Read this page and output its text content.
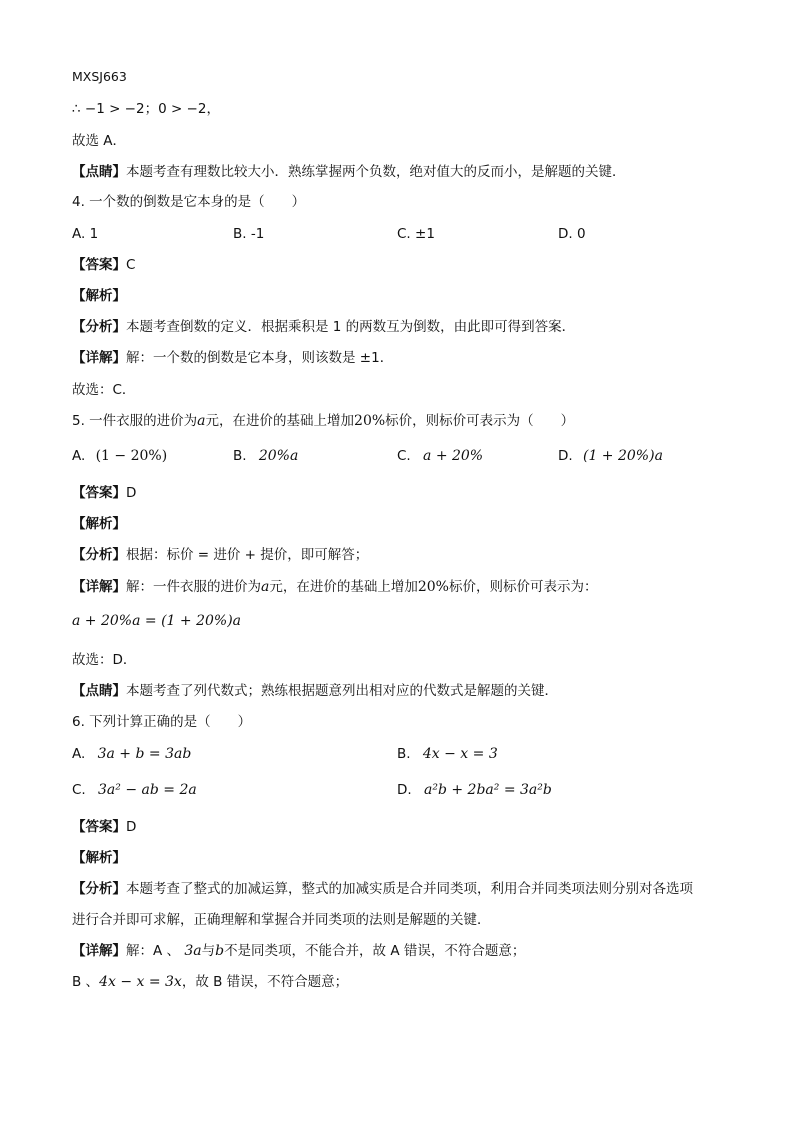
MXSJ663
∴ −1 > −2；0 > −2，
故选 A．
【点睛】本题考查有理数比较大小．熟练掌握两个负数，绝对值大的反而小，是解题的关键．
4. 一个数的倒数是它本身的是（　　）
A. 1	B. -1	C. ±1	D. 0
【答案】C
【解析】
【分析】本题考查倒数的定义．根据乘积是 1 的两数互为倒数，由此即可得到答案．
【详解】解：一个数的倒数是它本身，则该数是 ±1．
故选：C．
5. 一件衣服的进价为a元，在进价的基础上增加20%标价，则标价可表示为（　　）
A. (1 − 20%)	B. 20%a	C. a + 20%	D. (1 + 20%)a
【答案】D
【解析】
【分析】根据：标价 = 进价 + 提价，即可解答；
【详解】解：一件衣服的进价为a元，在进价的基础上增加20%标价，则标价可表示为：
a + 20%a = (1 + 20%)a
故选：D．
【点睛】本题考查了列代数式；熟练根据题意列出相对应的代数式是解题的关键．
6. 下列计算正确的是（　　）
A. 3a + b = 3ab	B. 4x − x = 3
C. 3a² − ab = 2a	D. a²b + 2ba² = 3a²b
【答案】D
【解析】
【分析】本题考查了整式的加减运算，整式的加减实质是合并同类项，利用合并同类项法则分别对各选项
进行合并即可求解，正确理解和掌握合并同类项的法则是解题的关键．
【详解】解：A 、 3a与b不是同类项，不能合并，故 A 错误，不符合题意；
B 、4x − x = 3x，故 B 错误，不符合题意；
